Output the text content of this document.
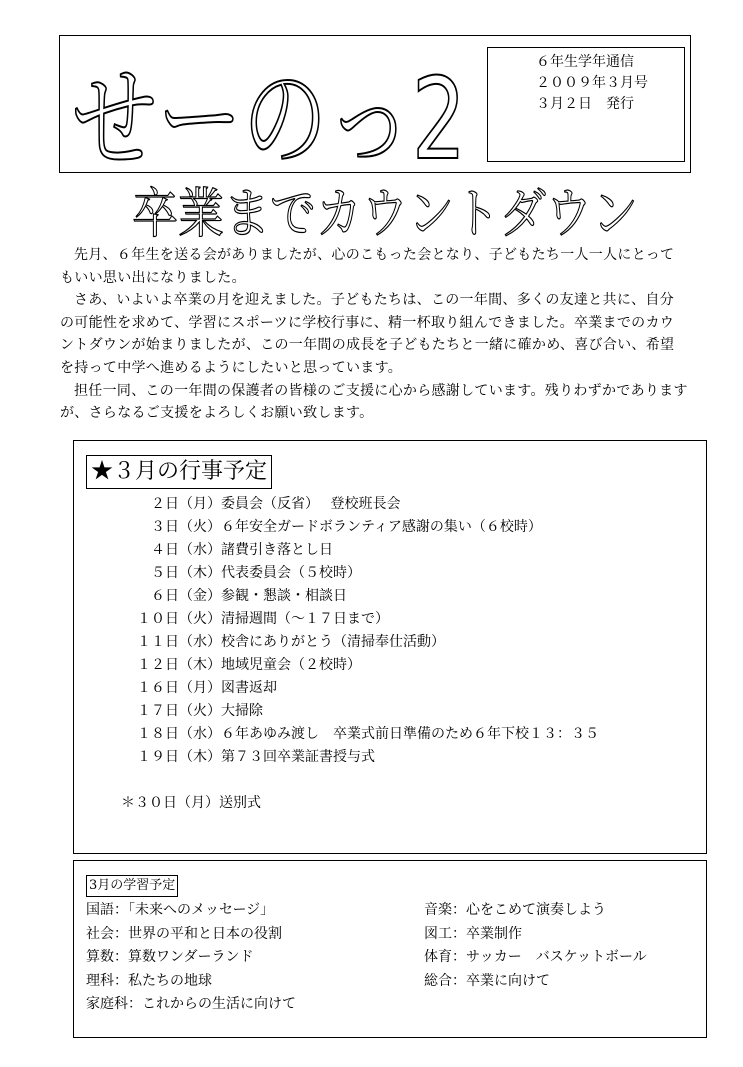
せーのっ2	６年生学年通信
２００９年３月号
３月２日　発行
卒業までカウントダウン

先月、６年生を送る会がありましたが、心のこもった会となり、子どもたち一人一人にとってもいい思い出になりました。

さあ、いよいよ卒業の月を迎えました。子どもたちは、この一年間、多くの友達と共に、自分の可能性を求めて、学習にスポーツに学校行事に、精一杯取り組んできました。卒業までのカウントダウンが始まりましたが、この一年間の成長を子どもたちと一緒に確かめ、喜び合い、希望を持って中学へ進めるようにしたいと思っています。

担任一同、この一年間の保護者の皆様のご支援に心から感謝しています。残りわずかでありますが、さらなるご支援をよろしくお願い致します。

★３月の行事予定
２日（月）委員会（反省）　 登校班長会
３日（火）６年安全ガードボランティア感謝の集い（６校時）
４日（水）諸費引き落とし日
５日（木）代表委員会（５校時）
６日（金）参観・懇談・相談日
１０日（火）清掃週間（～１７日まで）
１１日（水）校舎にありがとう（清掃奉仕活動）
１２日（木）地域児童会（２校時）
１６日（月）図書返却
１７日（火）大掃除
１８日（水）６年あゆみ渡し　卒業式前日準備のため６年下校１３：３５
１９日（木）第７３回卒業証書授与式
＊３０日（月）送別式
3月の学習予定
国語：「未来へのメッセージ」
社会：世界の平和と日本の役割
算数：算数ワンダーランド
理科：私たちの地球
家庭科：これからの生活に向けて
音楽：心をこめて演奏しよう
図工：卒業制作
体育：サッカー　バスケットボール
総合：卒業に向けて
